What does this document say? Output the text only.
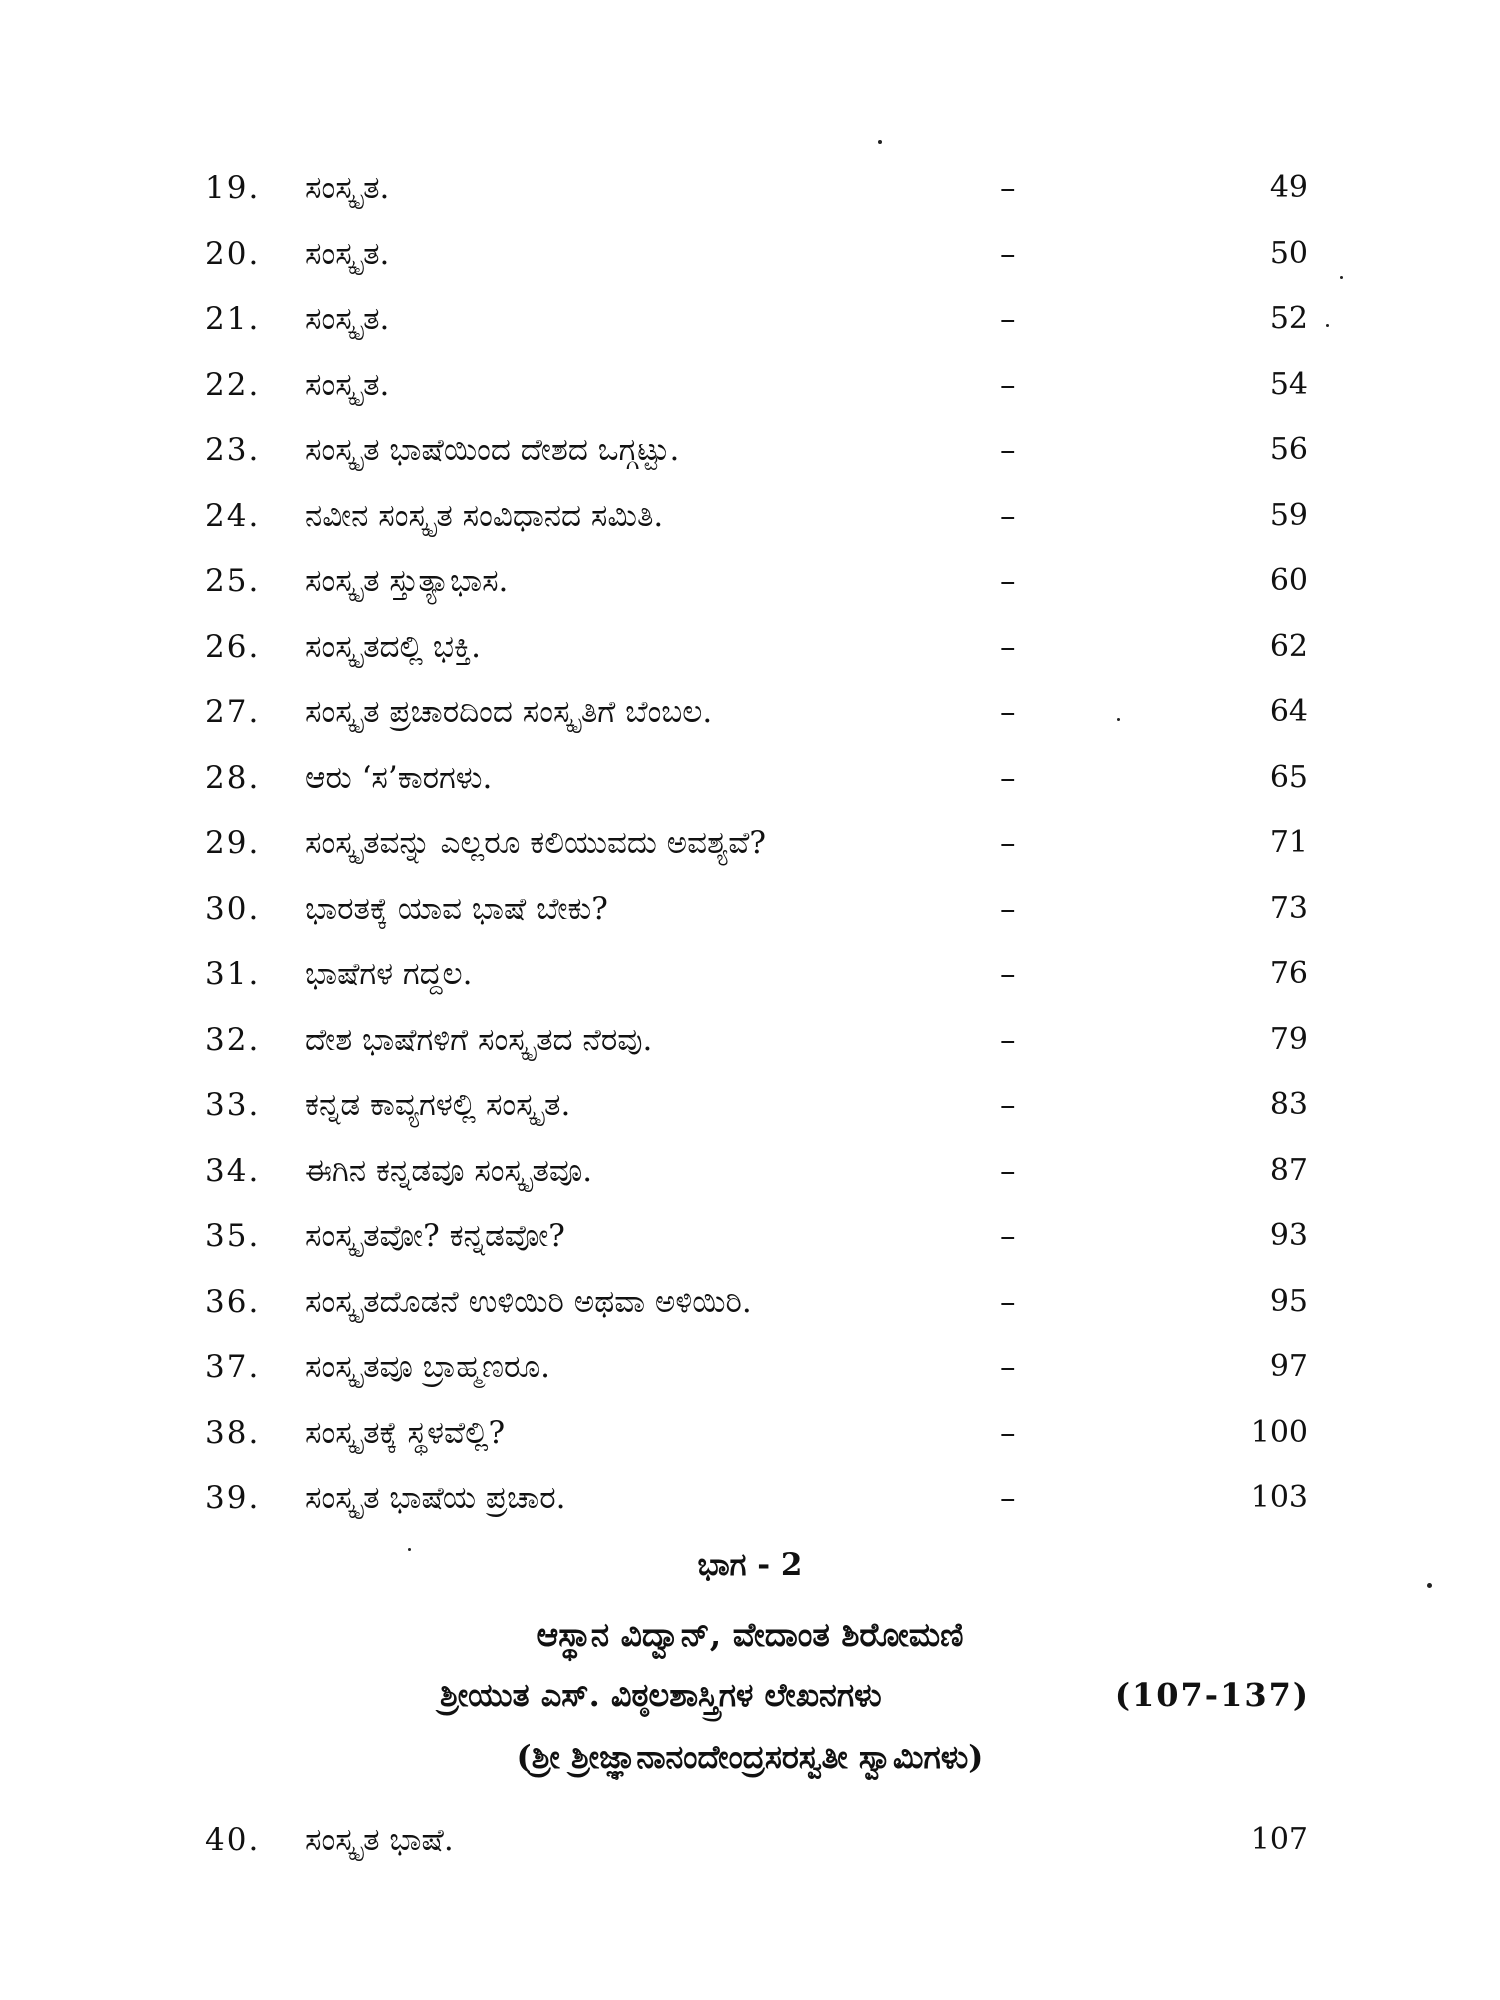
19. ಸಂಸ್ಕೃತ.	–	49
20. ಸಂಸ್ಕೃತ.	–	50
21. ಸಂಸ್ಕೃತ.	–	52
22. ಸಂಸ್ಕೃತ.	–	54
23. ಸಂಸ್ಕೃತ ಭಾಷೆಯಿಂದ ದೇಶದ ಒಗ್ಗಟ್ಟು.	–	56
24. ನವೀನ ಸಂಸ್ಕೃತ ಸಂವಿಧಾನದ ಸಮಿತಿ.	–	59
25. ಸಂಸ್ಕೃತ ಸ್ತುತ್ಯಾಭಾಸ.	–	60
26. ಸಂಸ್ಕೃತದಲ್ಲಿ ಭಕ್ತಿ.	–	62
27. ಸಂಸ್ಕೃತ ಪ್ರಚಾರದಿಂದ ಸಂಸ್ಕೃತಿಗೆ ಬೆಂಬಲ.	–	64
28. ಆರು ‘ಸ’ಕಾರಗಳು.	–	65
29. ಸಂಸ್ಕೃತವನ್ನು ಎಲ್ಲರೂ ಕಲಿಯುವದು ಅವಶ್ಯವೆ?	–	71
30. ಭಾರತಕ್ಕೆ ಯಾವ ಭಾಷೆ ಬೇಕು?	–	73
31. ಭಾಷೆಗಳ ಗದ್ದಲ.	–	76
32. ದೇಶ ಭಾಷೆಗಳಿಗೆ ಸಂಸ್ಕೃತದ ನೆರವು.	–	79
33. ಕನ್ನಡ ಕಾವ್ಯಗಳಲ್ಲಿ ಸಂಸ್ಕೃತ.	–	83
34. ಈಗಿನ ಕನ್ನಡವೂ ಸಂಸ್ಕೃತವೂ.	–	87
35. ಸಂಸ್ಕೃತವೋ? ಕನ್ನಡವೋ?	–	93
36. ಸಂಸ್ಕೃತದೊಡನೆ ಉಳಿಯಿರಿ ಅಥವಾ ಅಳಿಯಿರಿ.	–	95
37. ಸಂಸ್ಕೃತವೂ ಬ್ರಾಹ್ಮಣರೂ.	–	97
38. ಸಂಸ್ಕೃತಕ್ಕೆ ಸ್ಥಳವೆಲ್ಲಿ?	–	100
39. ಸಂಸ್ಕೃತ ಭಾಷೆಯ ಪ್ರಚಾರ.	–	103
ಭಾಗ - 2
ಆಸ್ಥಾನ ವಿದ್ವಾನ್, ವೇದಾಂತ ಶಿರೋಮಣಿ
ಶ್ರೀಯುತ ಎಸ್. ವಿಠ್ಠಲಶಾಸ್ತ್ರಿಗಳ ಲೇಖನಗಳು	(107-137)
(ಶ್ರೀ ಶ್ರೀಜ್ಞಾನಾನಂದೇಂದ್ರಸರಸ್ವತೀ ಸ್ವಾಮಿಗಳು)
40. ಸಂಸ್ಕೃತ ಭಾಷೆ.	107
